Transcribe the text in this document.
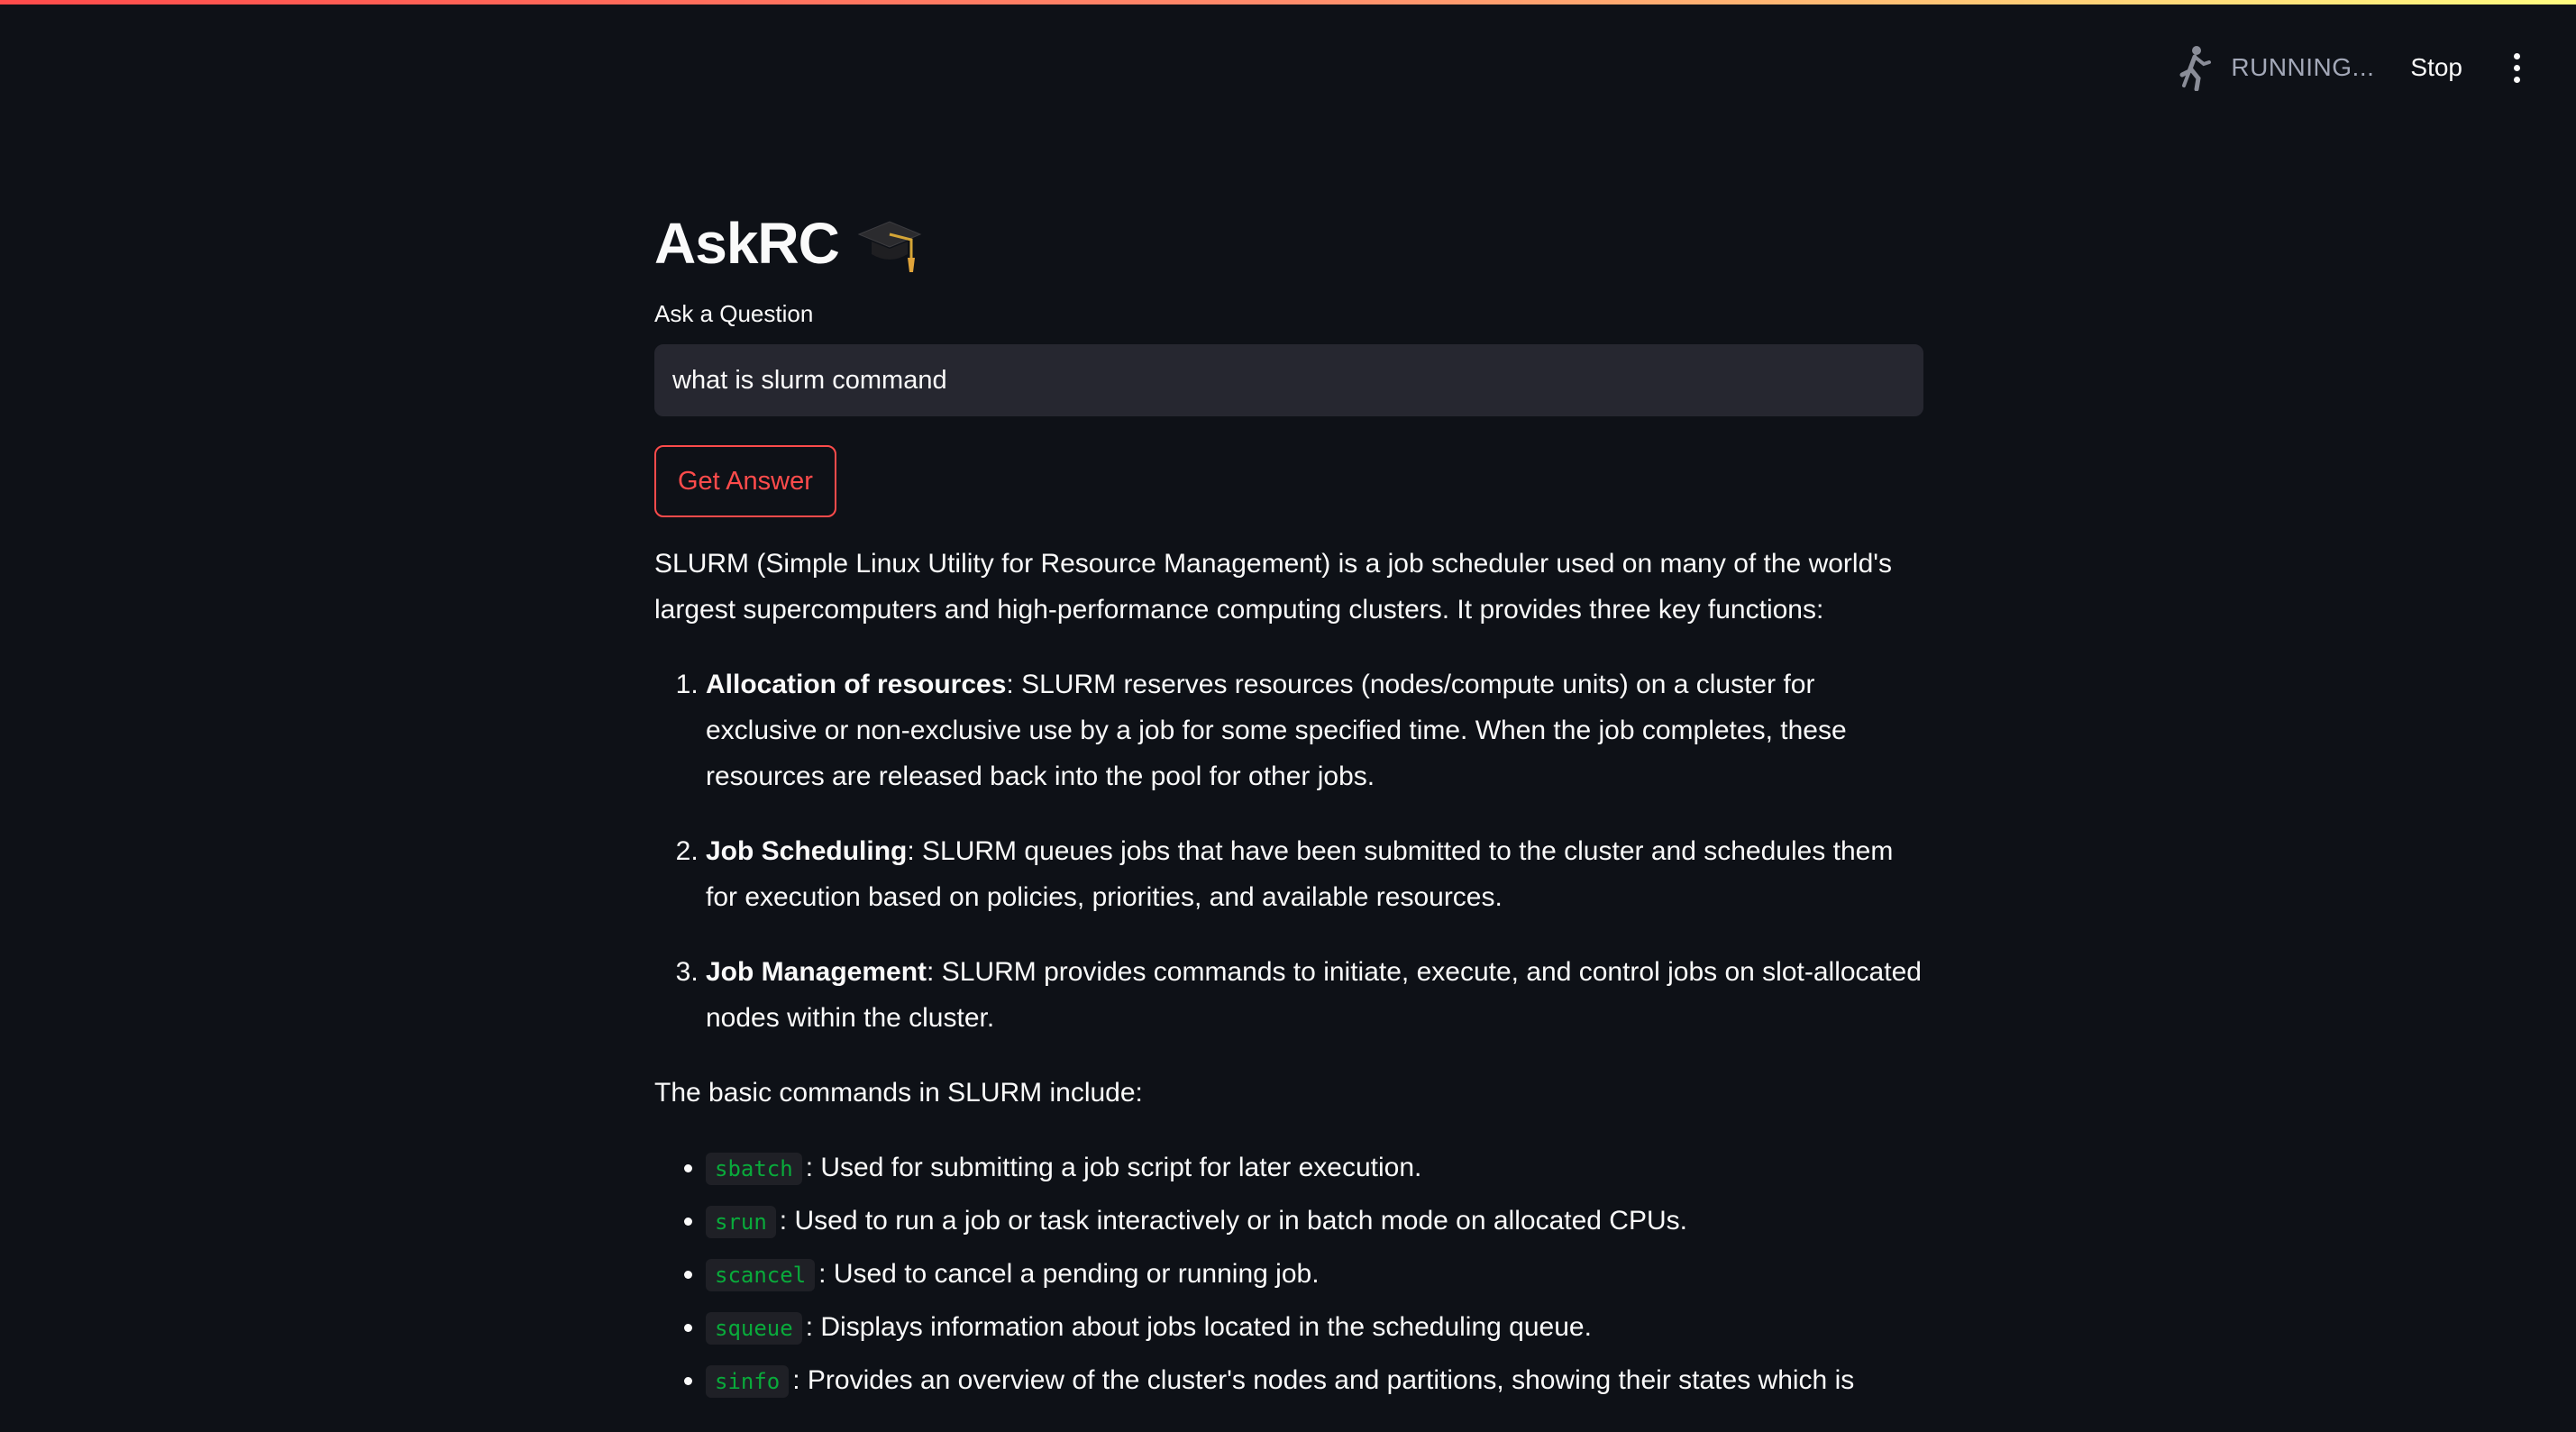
RUNNING... Stop
AskRC
Ask a Question
what is slurm command
Get Answer

SLURM (Simple Linux Utility for Resource Management) is a job scheduler used on many of the world's largest supercomputers and high-performance computing clusters. It provides three key functions:

1. Allocation of resources: SLURM reserves resources (nodes/compute units) on a cluster for exclusive or non-exclusive use by a job for some specified time. When the job completes, these resources are released back into the pool for other jobs.
2. Job Scheduling: SLURM queues jobs that have been submitted to the cluster and schedules them for execution based on policies, priorities, and available resources.
3. Job Management: SLURM provides commands to initiate, execute, and control jobs on slot-allocated nodes within the cluster.

The basic commands in SLURM include:

• sbatch : Used for submitting a job script for later execution.
• srun : Used to run a job or task interactively or in batch mode on allocated CPUs.
• scancel : Used to cancel a pending or running job.
• squeue : Displays information about jobs located in the scheduling queue.
• sinfo : Provides an overview of the cluster's nodes and partitions, showing their states which is
